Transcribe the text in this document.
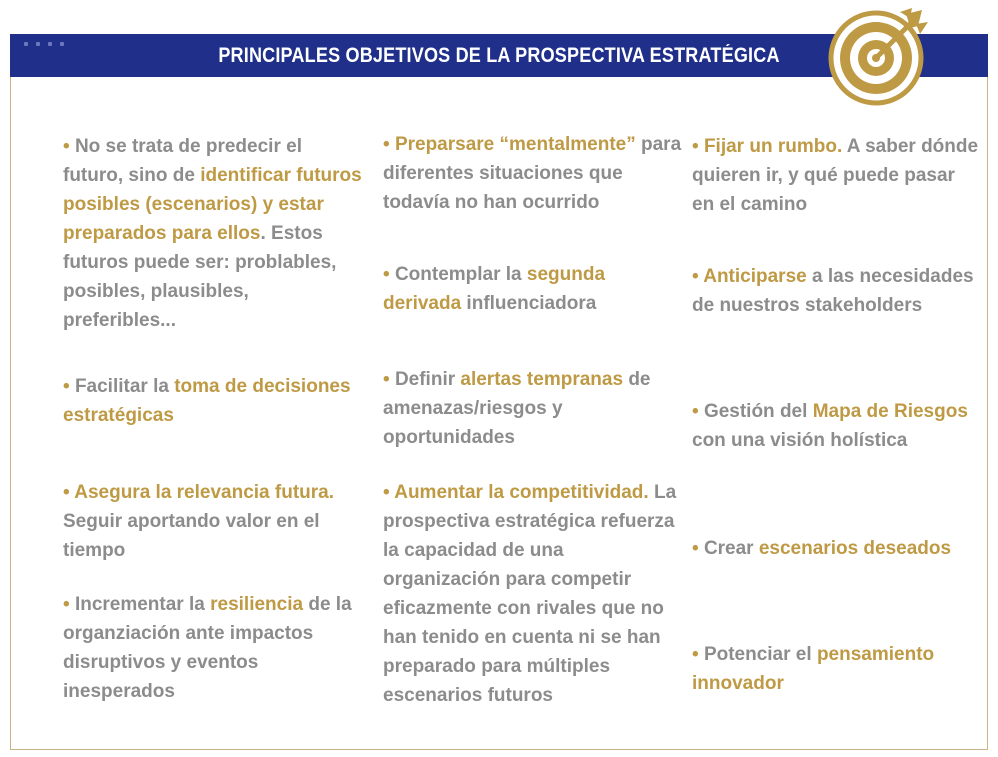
PRINCIPALES OBJETIVOS DE LA PROSPECTIVA ESTRATÉGICA
• No se trata de predecir el futuro, sino de identificar futuros posibles (escenarios) y estar preparados para ellos. Estos futuros puede ser: problables, posibles, plausibles, preferibles...
• Facilitar la toma de decisiones estratégicas
• Asegura la relevancia futura. Seguir aportando valor en el tiempo
• Incrementar la resiliencia de la organziación ante impactos disruptivos y eventos inesperados
• Preparsare “mentalmente” para diferentes situaciones que todavía no han ocurrido
• Contemplar la segunda derivada influenciadora
• Definir alertas tempranas de amenazas/riesgos y oportunidades
• Aumentar la competitividad. La prospectiva estratégica refuerza la capacidad de una organización para competir eficazmente con rivales que no han tenido en cuenta ni se han preparado para múltiples escenarios futuros
• Fijar un rumbo. A saber dónde quieren ir, y qué puede pasar en el camino
• Anticiparse a las necesidades de nuestros stakeholders
• Gestión del Mapa de Riesgos con una visión holística
• Crear escenarios deseados
• Potenciar el pensamiento innovador
